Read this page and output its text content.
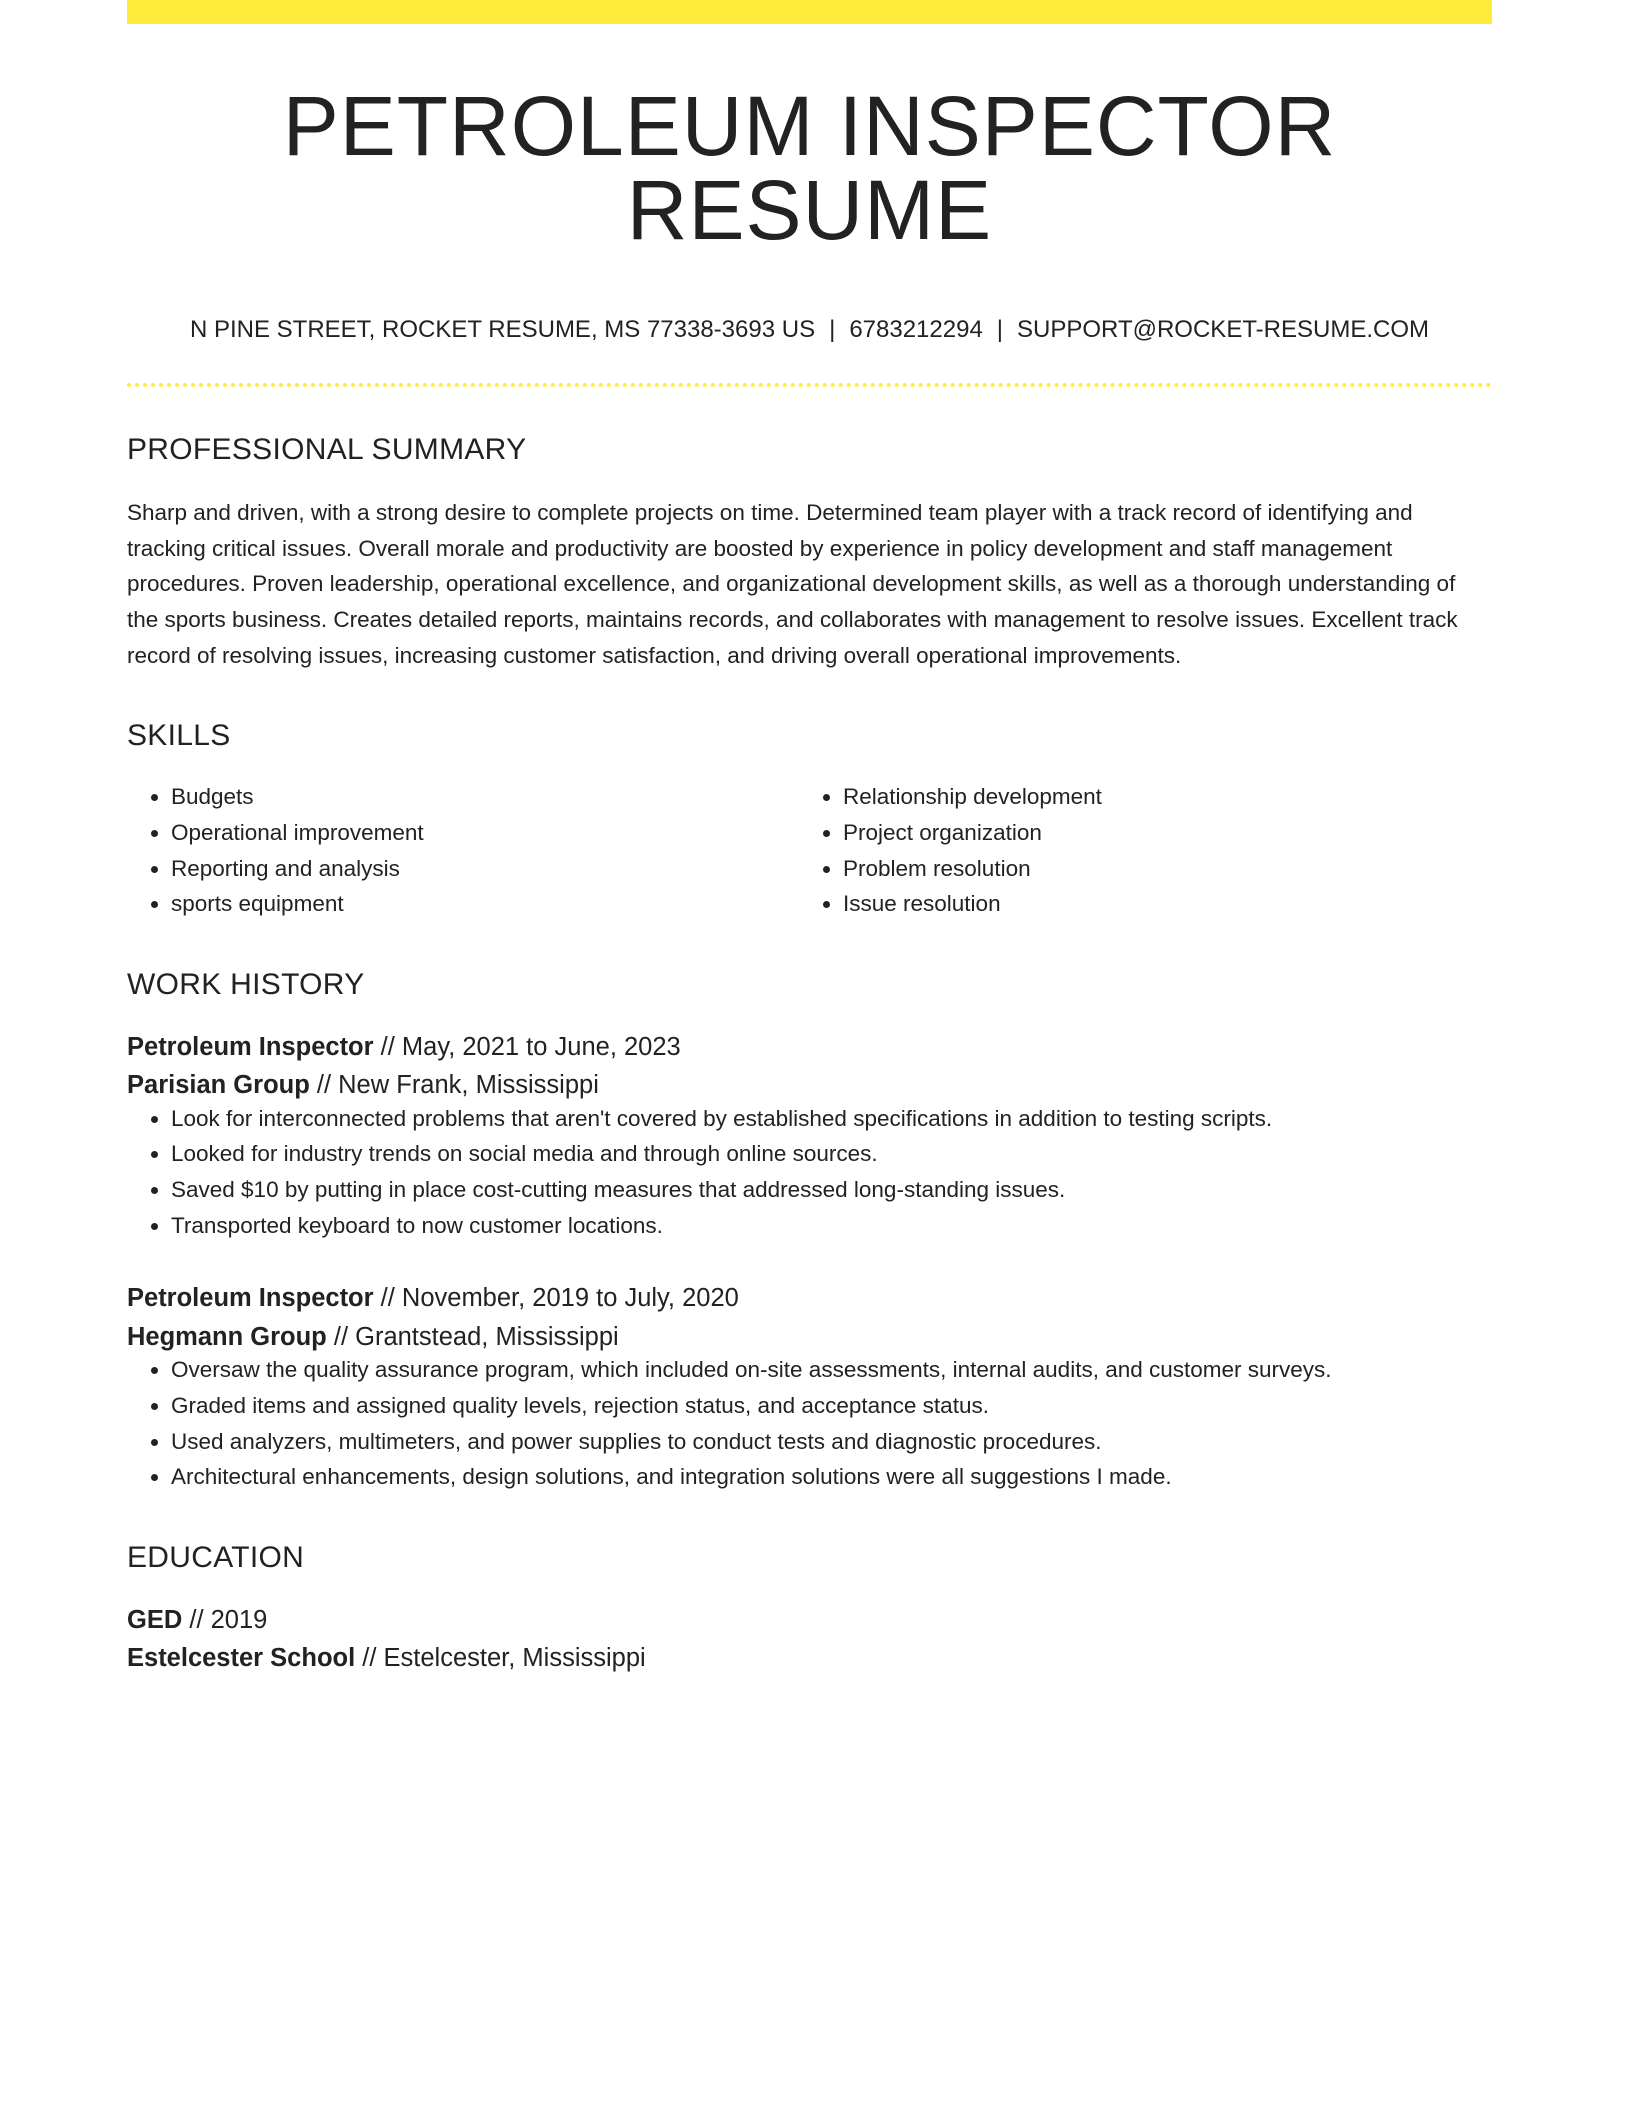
PETROLEUM INSPECTOR RESUME
N PINE STREET, ROCKET RESUME, MS 77338-3693 US | 6783212294 | SUPPORT@ROCKET-RESUME.COM
PROFESSIONAL SUMMARY

Sharp and driven, with a strong desire to complete projects on time. Determined team player with a track record of identifying and tracking critical issues. Overall morale and productivity are boosted by experience in policy development and staff management procedures. Proven leadership, operational excellence, and organizational development skills, as well as a thorough understanding of the sports business. Creates detailed reports, maintains records, and collaborates with management to resolve issues. Excellent track record of resolving issues, increasing customer satisfaction, and driving overall operational improvements.

SKILLS
• Budgets
• Operational improvement
• Reporting and analysis
• sports equipment
• Relationship development
• Project organization
• Problem resolution
• Issue resolution
WORK HISTORY
Petroleum Inspector // May, 2021 to June, 2023
Parisian Group // New Frank, Mississippi
• Look for interconnected problems that aren't covered by established specifications in addition to testing scripts.
• Looked for industry trends on social media and through online sources.
• Saved $10 by putting in place cost-cutting measures that addressed long-standing issues.
• Transported keyboard to now customer locations.
Petroleum Inspector // November, 2019 to July, 2020
Hegmann Group // Grantstead, Mississippi
• Oversaw the quality assurance program, which included on-site assessments, internal audits, and customer surveys.
• Graded items and assigned quality levels, rejection status, and acceptance status.
• Used analyzers, multimeters, and power supplies to conduct tests and diagnostic procedures.
• Architectural enhancements, design solutions, and integration solutions were all suggestions I made.
EDUCATION
GED // 2019
Estelcester School // Estelcester, Mississippi
